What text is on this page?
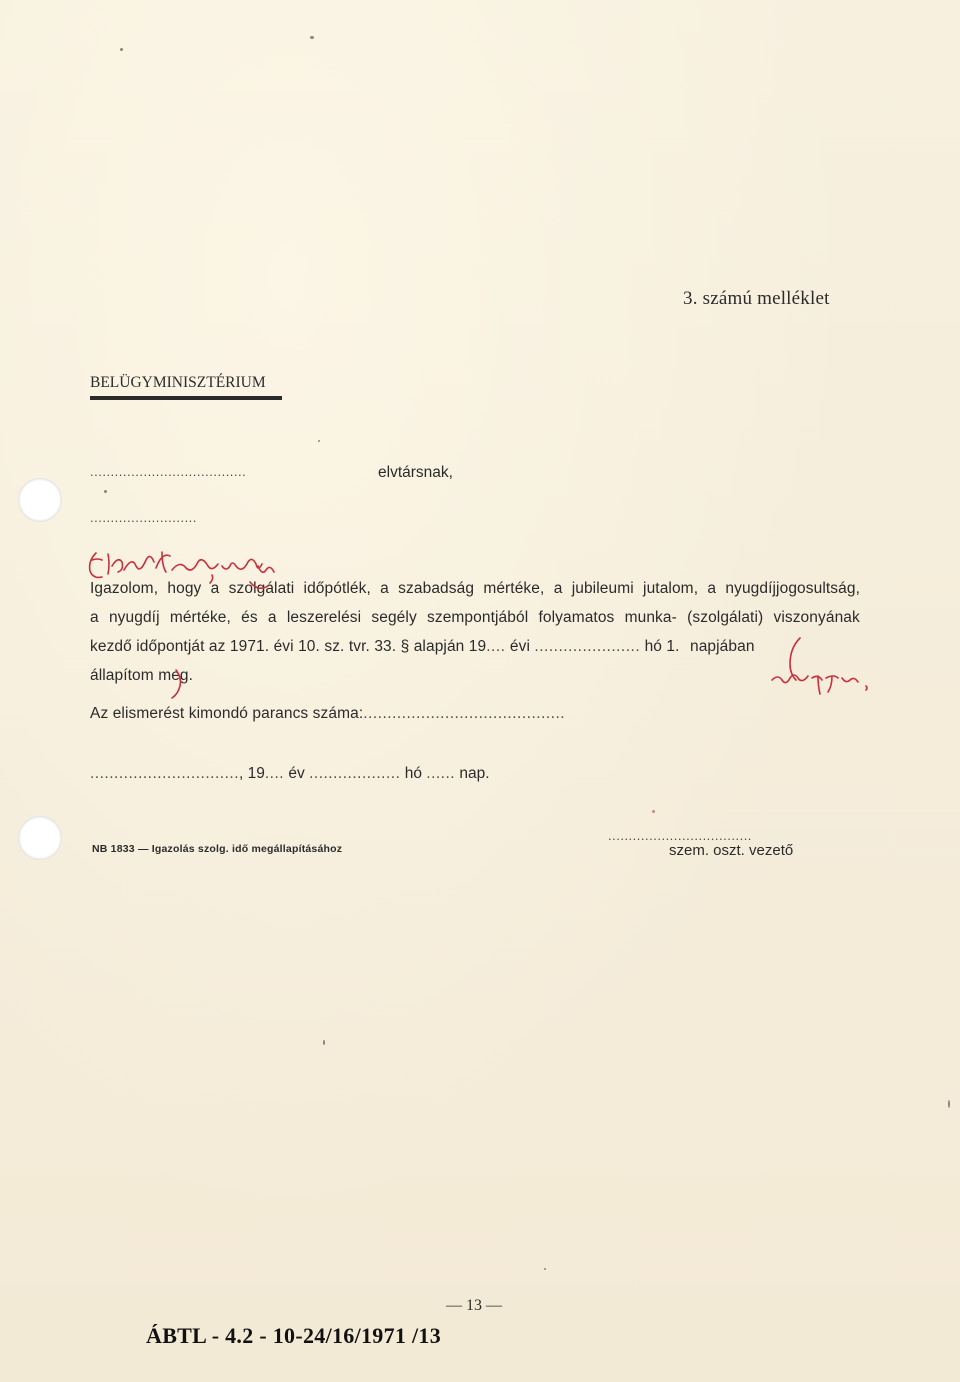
3. számú melléklet
BELÜGYMINISZTÉRIUM
......................................	elvtársnak,
..........................
Igazolom, hogy a szolgálati időpótlék, a szabadság mértéke, a jubileumi jutalom, a nyugdíjjogosultság,
a nyugdíj mértéke, és a leszerelési segély szempontjából folyamatos munka- (szolgálati) viszonyának
kezdő időpontját az 1971. évi 10. sz. tvr. 33. § alapján 19.... évi ...................... hó 1. napjában
állapítom meg.
Az elismerést kimondó parancs száma:..........................................
..............................., 19.... év ................... hó ...... nap.
...................................
NB 1833 — Igazolás szolg. idő megállapításához	szem. oszt. vezető
— 13 —
ÁBTL - 4.2 - 10-24/16/1971 /13
